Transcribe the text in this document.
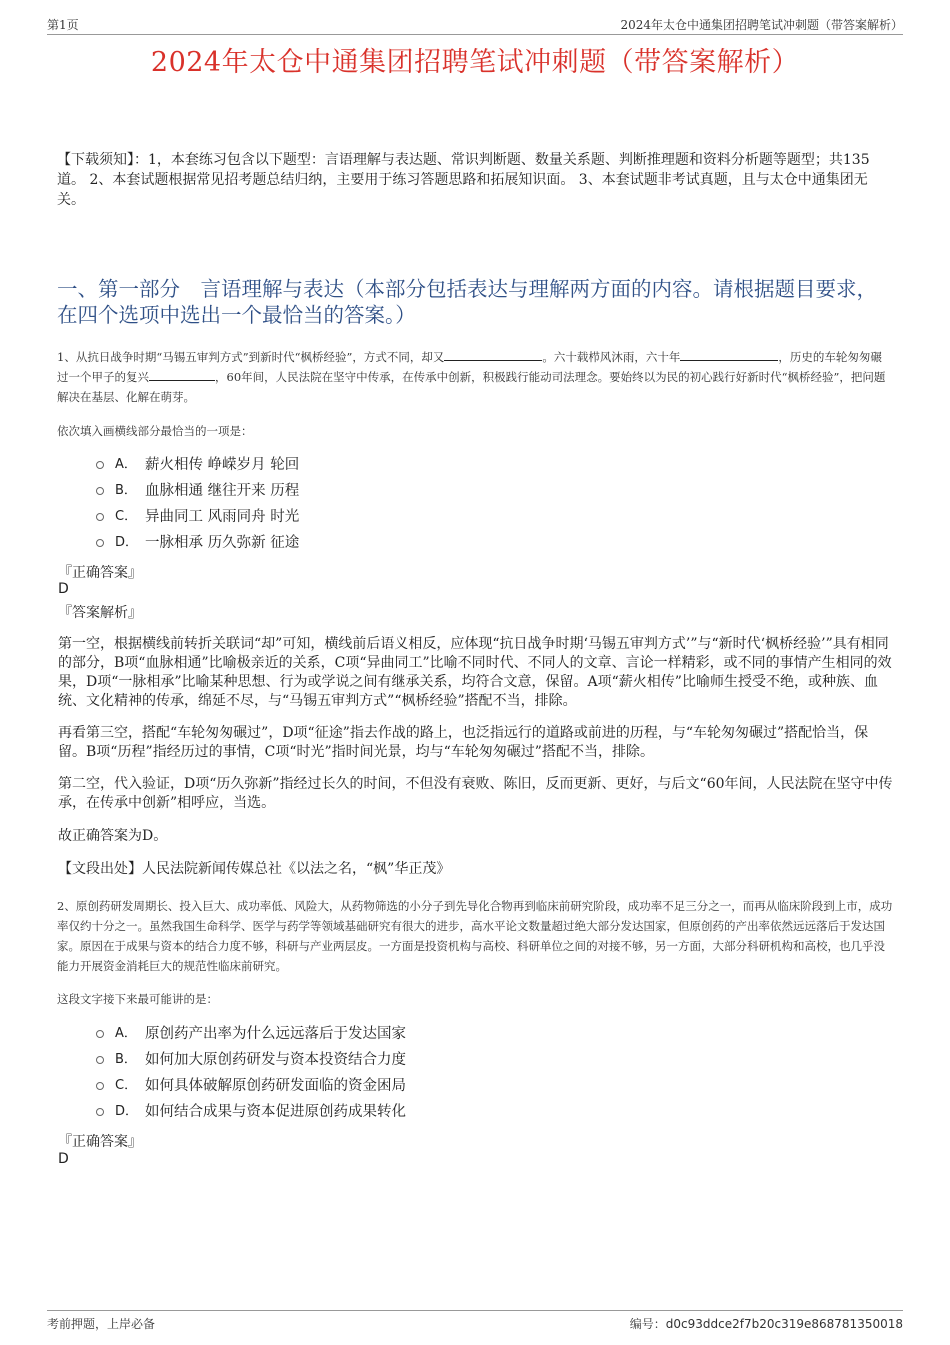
第1页	2024年太仓中通集团招聘笔试冲刺题（带答案解析）
2024年太仓中通集团招聘笔试冲刺题（带答案解析）
【下载须知】：1，本套练习包含以下题型：言语理解与表达题、常识判断题、数量关系题、判断推理题和资料分析题等题型；共135道。 2、本套试题根据常见招考题总结归纳，主要用于练习答题思路和拓展知识面。 3、本套试题非考试真题，且与太仓中通集团无关。
一、第一部分　言语理解与表达（本部分包括表达与理解两方面的内容。请根据题目要求，在四个选项中选出一个最恰当的答案。）
1、从抗日战争时期“马锡五审判方式”到新时代“枫桥经验”，方式不同，却又	。六十载栉风沐雨，六十年	，历史的车轮匆匆碾过一个甲子的复兴	，60年间，人民法院在坚守中传承，在传承中创新，积极践行能动司法理念。要始终以为民的初心践行好新时代“枫桥经验”，把问题解决在基层、化解在萌芽。
依次填入画横线部分最恰当的一项是：
A． 薪火相传 峥嵘岁月 轮回
B． 血脉相通 继往开来 历程
C． 异曲同工 风雨同舟 时光
D． 一脉相承 历久弥新 征途
『正确答案』
D
『答案解析』

第一空，根据横线前转折关联词“却”可知，横线前后语义相反，应体现“抗日战争时期‘马锡五审判方式’”与“新时代‘枫桥经验’”具有相同的部分，B项“血脉相通”比喻极亲近的关系，C项“异曲同工”比喻不同时代、不同人的文章、言论一样精彩，或不同的事情产生相同的效果，D项“一脉相承”比喻某种思想、行为或学说之间有继承关系，均符合文意，保留。A项“薪火相传”比喻师生授受不绝，或种族、血统、文化精神的传承，绵延不尽，与“马锡五审判方式”“枫桥经验”搭配不当，排除。

再看第三空，搭配“车轮匆匆碾过”，D项“征途”指去作战的路上，也泛指远行的道路或前进的历程，与“车轮匆匆碾过”搭配恰当，保留。B项“历程”指经历过的事情，C项“时光”指时间光景，均与“车轮匆匆碾过”搭配不当，排除。

第二空，代入验证，D项“历久弥新”指经过长久的时间，不但没有衰败、陈旧，反而更新、更好，与后文“60年间，人民法院在坚守中传承，在传承中创新”相呼应，当选。

故正确答案为D。

【文段出处】人民法院新闻传媒总社《以法之名，“枫”华正茂》

2、原创药研发周期长、投入巨大、成功率低、风险大，从药物筛选的小分子到先导化合物再到临床前研究阶段，成功率不足三分之一，而再从临床阶段到上市，成功率仅约十分之一。虽然我国生命科学、医学与药学等领域基础研究有很大的进步，高水平论文数量超过绝大部分发达国家，但原创药的产出率依然远远落后于发达国家。原因在于成果与资本的结合力度不够，科研与产业两层皮。一方面是投资机构与高校、科研单位之间的对接不够，另一方面，大部分科研机构和高校，也几乎没能力开展资金消耗巨大的规范性临床前研究。
这段文字接下来最可能讲的是：
A． 原创药产出率为什么远远落后于发达国家
B． 如何加大原创药研发与资本投资结合力度
C． 如何具体破解原创药研发面临的资金困局
D． 如何结合成果与资本促进原创药成果转化
『正确答案』
D
考前押题，上岸必备	编号：d0c93ddce2f7b20c319e868781350018
